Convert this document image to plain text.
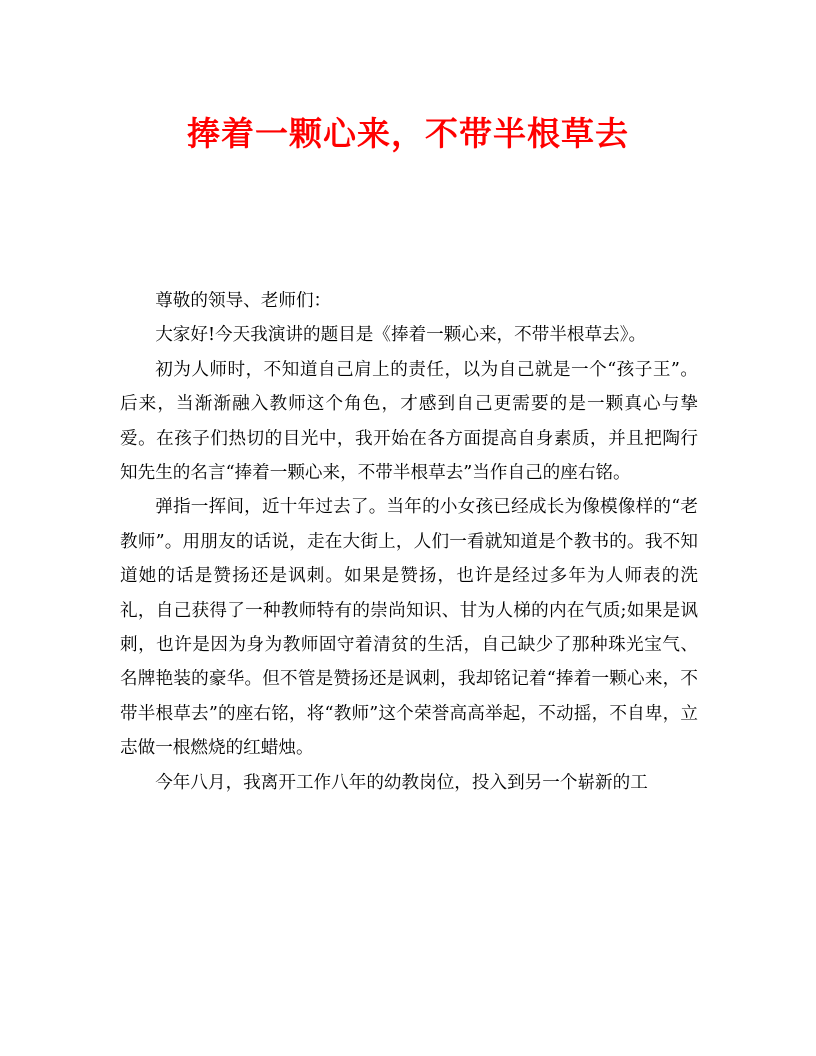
捧着一颗心来，不带半根草去

尊敬的领导、老师们：

大家好!今天我演讲的题目是《捧着一颗心来，不带半根草去》。

初为人师时，不知道自己肩上的责任，以为自己就是一个“孩子王”。后来，当渐渐融入教师这个角色，才感到自己更需要的是一颗真心与挚爱。在孩子们热切的目光中，我开始在各方面提高自身素质，并且把陶行知先生的名言“捧着一颗心来，不带半根草去”当作自己的座右铭。

弹指一挥间，近十年过去了。当年的小女孩已经成长为像模像样的“老教师”。用朋友的话说，走在大街上，人们一看就知道是个教书的。我不知道她的话是赞扬还是讽刺。如果是赞扬，也许是经过多年为人师表的洗礼，自己获得了一种教师特有的崇尚知识、甘为人梯的内在气质;如果是讽刺，也许是因为身为教师固守着清贫的生活，自己缺少了那种珠光宝气、名牌艳装的豪华。但不管是赞扬还是讽刺，我却铭记着“捧着一颗心来，不带半根草去”的座右铭，将“教师”这个荣誉高高举起，不动摇，不自卑，立志做一根燃烧的红蜡烛。

今年八月，我离开工作八年的幼教岗位，投入到另一个崭新的工
